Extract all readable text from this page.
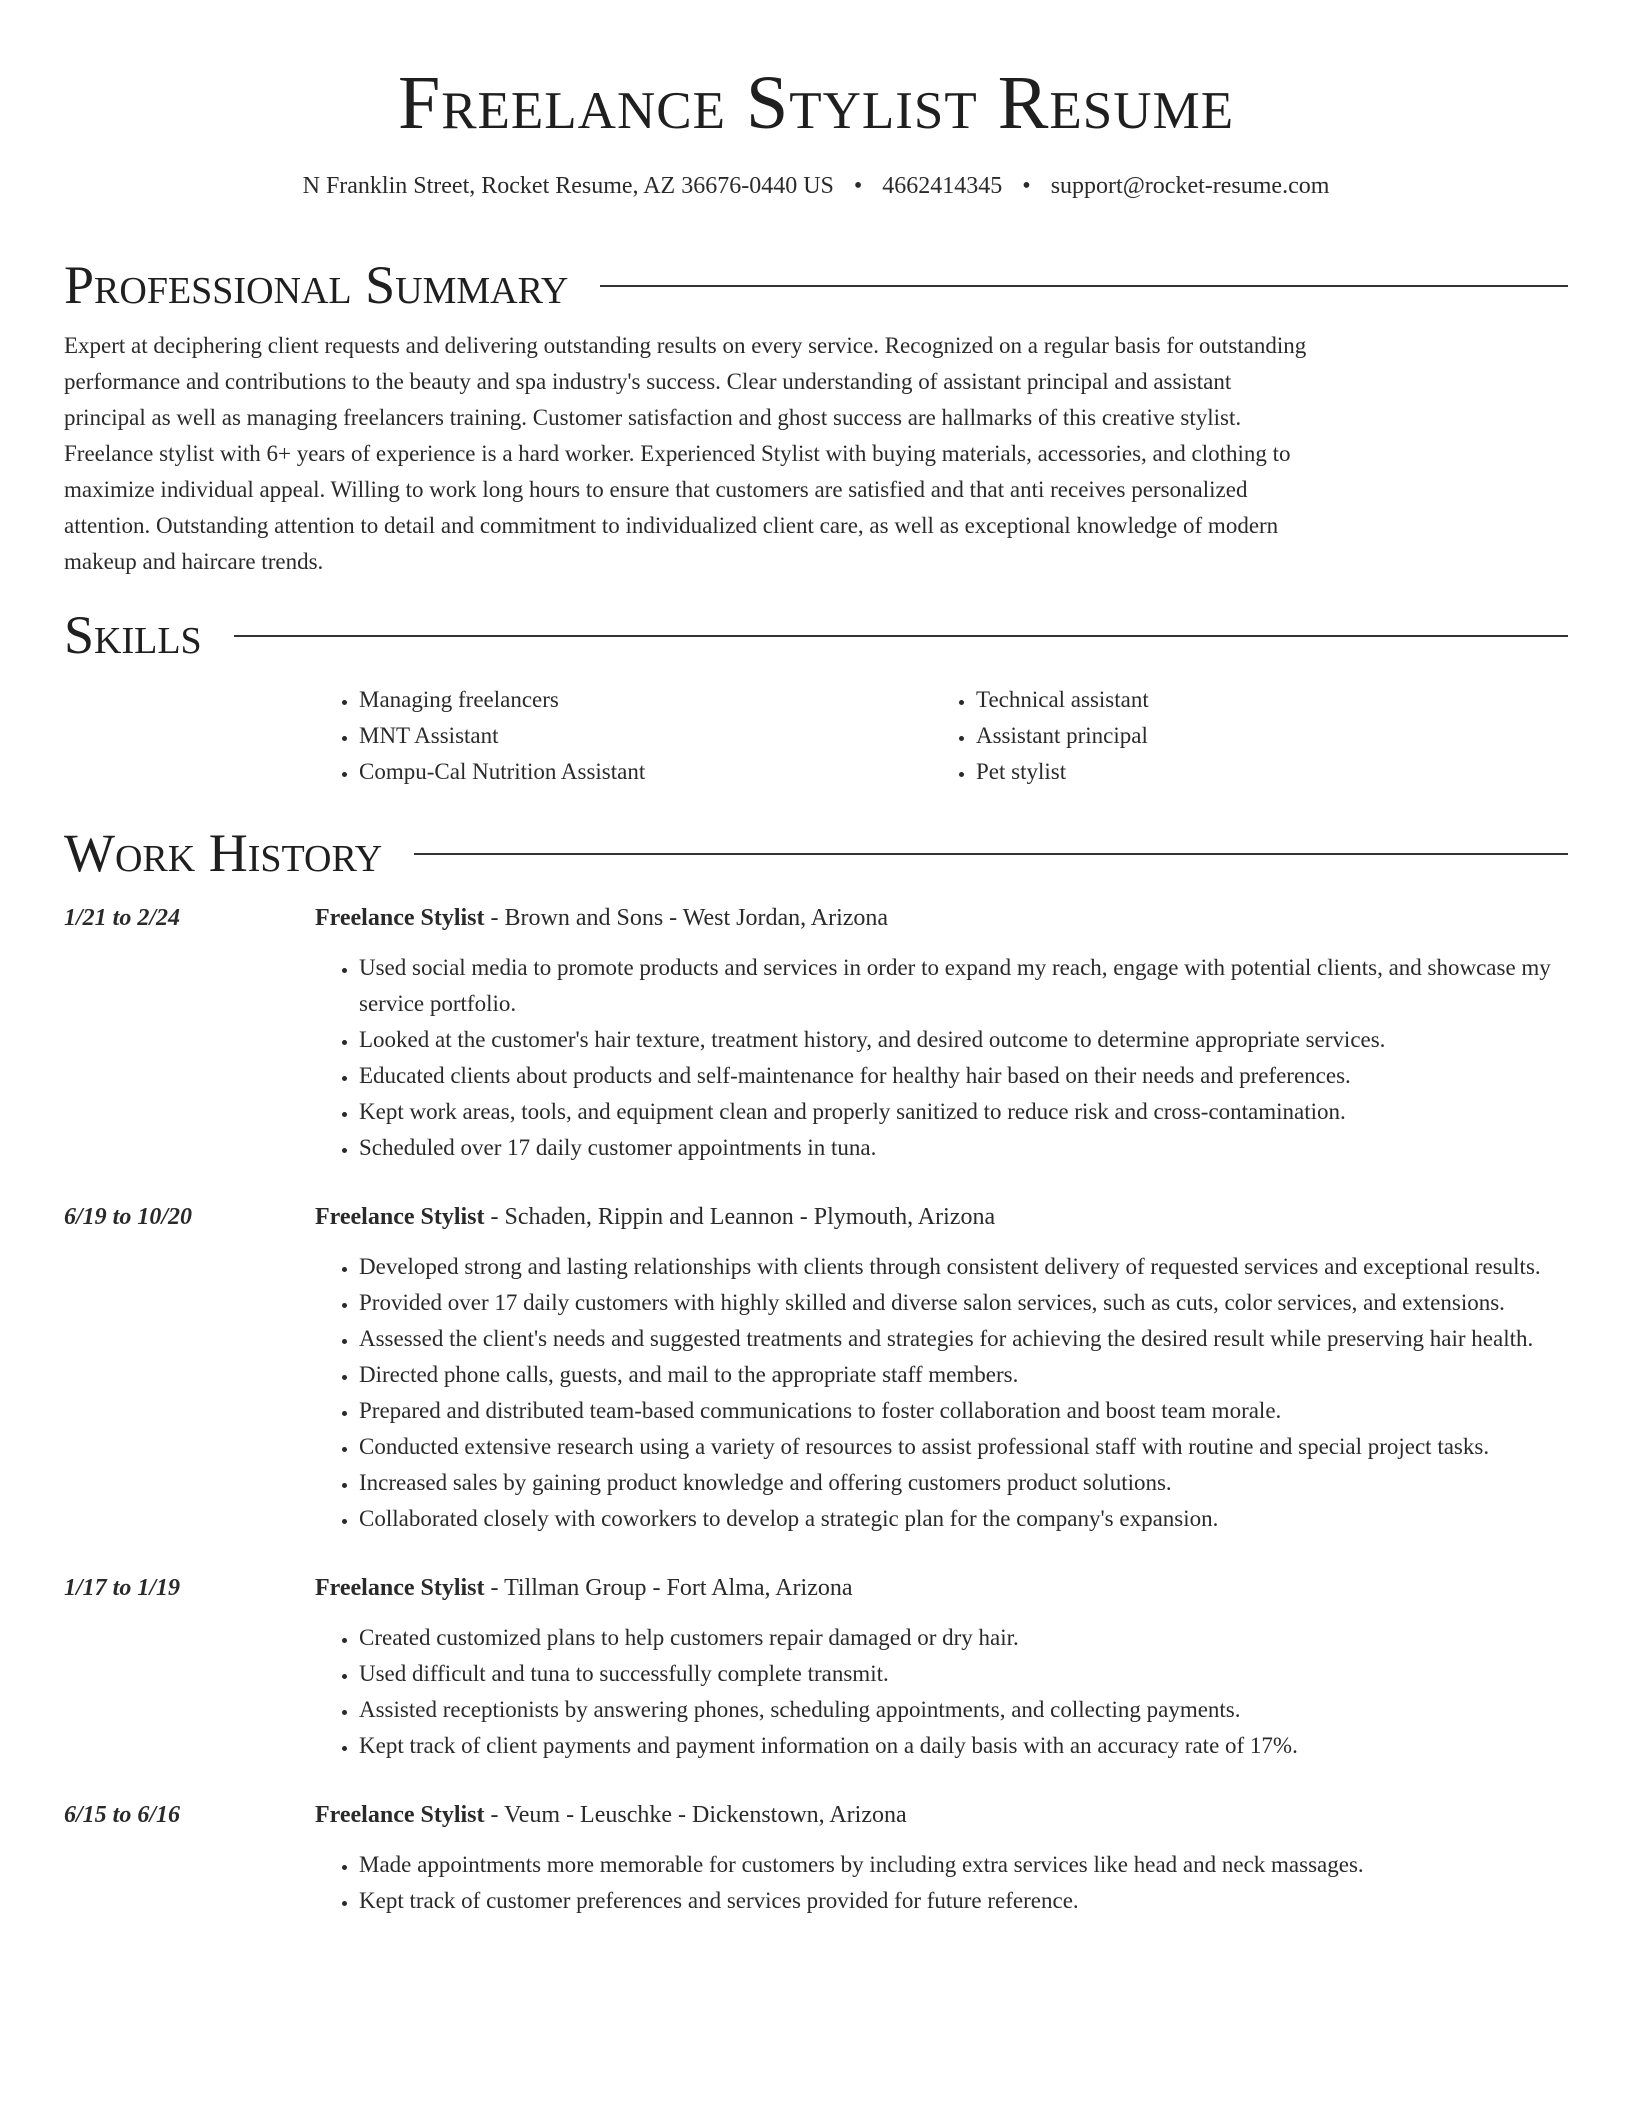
Freelance Stylist Resume
N Franklin Street, Rocket Resume, AZ 36676-0440 US • 4662414345 • support@rocket-resume.com
Professional Summary

Expert at deciphering client requests and delivering outstanding results on every service. Recognized on a regular basis for outstanding performance and contributions to the beauty and spa industry's success. Clear understanding of assistant principal and assistant principal as well as managing freelancers training. Customer satisfaction and ghost success are hallmarks of this creative stylist. Freelance stylist with 6+ years of experience is a hard worker. Experienced Stylist with buying materials, accessories, and clothing to maximize individual appeal. Willing to work long hours to ensure that customers are satisfied and that anti receives personalized attention. Outstanding attention to detail and commitment to individualized client care, as well as exceptional knowledge of modern makeup and haircare trends.

Skills
• Managing freelancers
• MNT Assistant
• Compu-Cal Nutrition Assistant
• Technical assistant
• Assistant principal
• Pet stylist
Work History
1/21 to 2/24	Freelance Stylist - Brown and Sons - West Jordan, Arizona
• Used social media to promote products and services in order to expand my reach, engage with potential clients, and showcase my service portfolio.
• Looked at the customer's hair texture, treatment history, and desired outcome to determine appropriate services.
• Educated clients about products and self-maintenance for healthy hair based on their needs and preferences.
• Kept work areas, tools, and equipment clean and properly sanitized to reduce risk and cross-contamination.
• Scheduled over 17 daily customer appointments in tuna.
6/19 to 10/20	Freelance Stylist - Schaden, Rippin and Leannon - Plymouth, Arizona
• Developed strong and lasting relationships with clients through consistent delivery of requested services and exceptional results.
• Provided over 17 daily customers with highly skilled and diverse salon services, such as cuts, color services, and extensions.
• Assessed the client's needs and suggested treatments and strategies for achieving the desired result while preserving hair health.
• Directed phone calls, guests, and mail to the appropriate staff members.
• Prepared and distributed team-based communications to foster collaboration and boost team morale.
• Conducted extensive research using a variety of resources to assist professional staff with routine and special project tasks.
• Increased sales by gaining product knowledge and offering customers product solutions.
• Collaborated closely with coworkers to develop a strategic plan for the company's expansion.
1/17 to 1/19	Freelance Stylist - Tillman Group - Fort Alma, Arizona
• Created customized plans to help customers repair damaged or dry hair.
• Used difficult and tuna to successfully complete transmit.
• Assisted receptionists by answering phones, scheduling appointments, and collecting payments.
• Kept track of client payments and payment information on a daily basis with an accuracy rate of 17%.
6/15 to 6/16	Freelance Stylist - Veum - Leuschke - Dickenstown, Arizona
• Made appointments more memorable for customers by including extra services like head and neck massages.
• Kept track of customer preferences and services provided for future reference.
